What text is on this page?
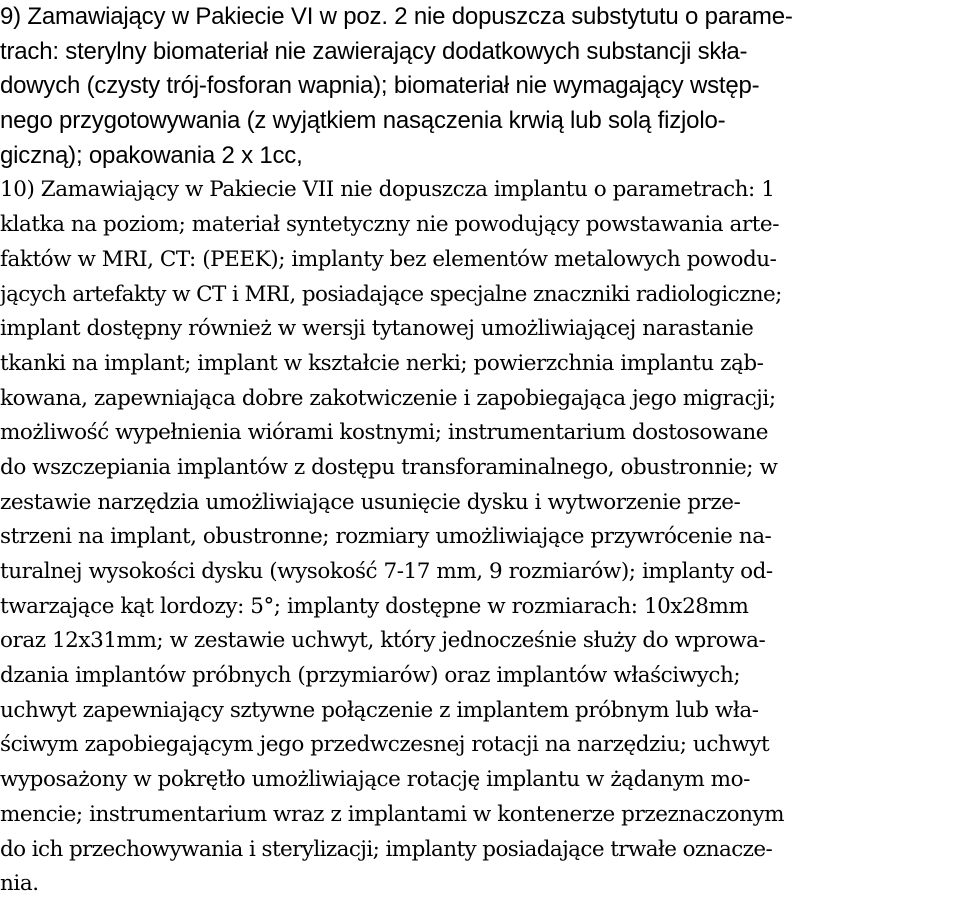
9) Zamawiający w Pakiecie VI w poz. 2 nie dopuszcza substytutu o parame-
trach: sterylny biomateriał nie zawierający dodatkowych substancji skła-
dowych (czysty trój-fosforan wapnia); biomateriał nie wymagający wstęp-
nego przygotowywania (z wyjątkiem nasączenia krwią lub solą fizjolo-
giczną); opakowania 2 x 1cc,
10) Zamawiający w Pakiecie VII nie dopuszcza implantu o parametrach: 1
klatka na poziom; materiał syntetyczny nie powodujący powstawania arte-
faktów w MRI, CT: (PEEK); implanty bez elementów metalowych powodu-
jących artefakty w CT i MRI, posiadające specjalne znaczniki radiologiczne;
implant dostępny również w wersji tytanowej umożliwiającej narastanie
tkanki na implant; implant w kształcie nerki; powierzchnia implantu ząb-
kowana, zapewniająca dobre zakotwiczenie i zapobiegająca jego migracji;
możliwość wypełnienia wiórami kostnymi; instrumentarium dostosowane
do wszczepiania implantów z dostępu transforaminalnego, obustronnie; w
zestawie narzędzia umożliwiające usunięcie dysku i wytworzenie prze-
strzeni na implant, obustronne; rozmiary umożliwiające przywrócenie na-
turalnej wysokości dysku (wysokość 7-17 mm, 9 rozmiarów); implanty od-
twarzające kąt lordozy: 5°; implanty dostępne w rozmiarach: 10x28mm
oraz 12x31mm; w zestawie uchwyt, który jednocześnie służy do wprowa-
dzania implantów próbnych (przymiarów) oraz implantów właściwych;
uchwyt zapewniający sztywne połączenie z implantem próbnym lub wła-
ściwym zapobiegającym jego przedwczesnej rotacji na narzędziu; uchwyt
wyposażony w pokrętło umożliwiające rotację implantu w żądanym mo-
mencie; instrumentarium wraz z implantami w kontenerze przeznaczonym
do ich przechowywania i sterylizacji; implanty posiadające trwałe oznacze-
nia.
